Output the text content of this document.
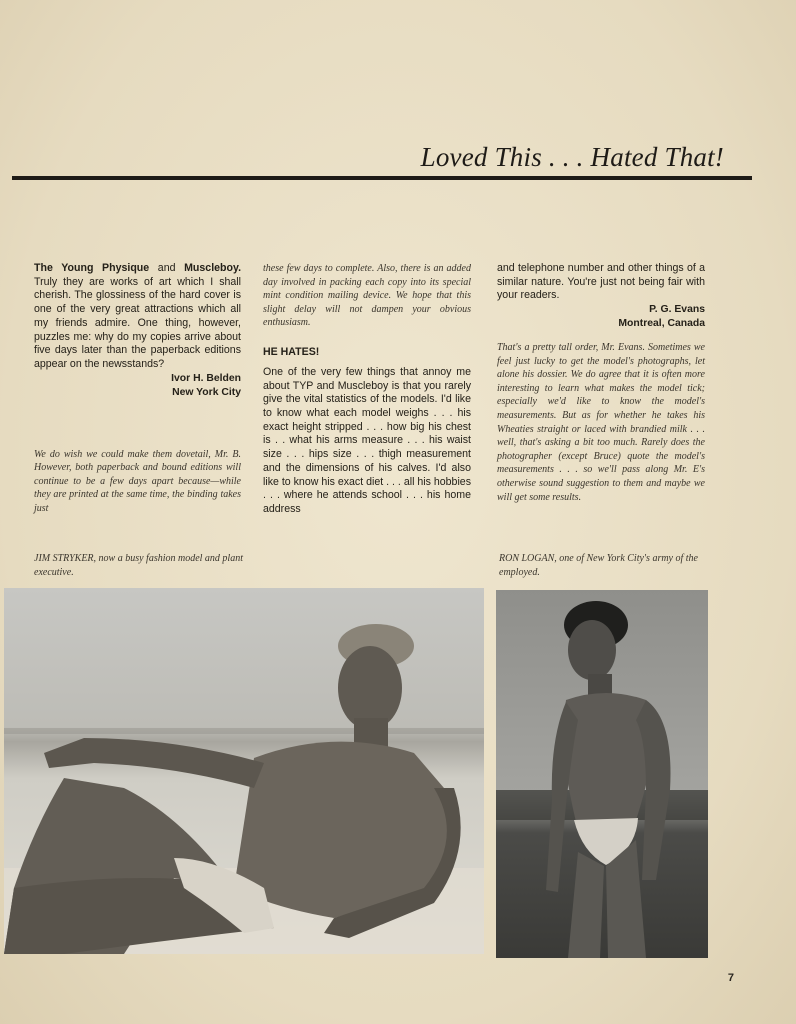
Loved This . . . Hated That!

The Young Physique and Muscleboy. Truly they are works of art which I shall cherish. The glossiness of the hard cover is one of the very great attractions which all my friends admire. One thing, however, puzzles me: why do my copies arrive about five days later than the paperback editions appear on the newsstands?

Ivor H. Belden

New York City

We do wish we could make them dovetail, Mr. B. However, both paperback and bound editions will continue to be a few days apart because—while they are printed at the same time, the binding takes just

these few days to complete. Also, there is an added day involved in packing each copy into its special mint condition mailing device. We hope that this slight delay will not dampen your obvious enthusiasm.

HE HATES!

One of the very few things that annoy me about TYP and Muscleboy is that you rarely give the vital statistics of the models. I'd like to know what each model weighs . . . his exact height stripped . . . how big his chest is . . what his arms measure . . . his waist size . . . hips size . . . thigh measurement and the dimensions of his calves. I'd also like to know his exact diet . . . all his hobbies . . . where he attends school . . . his home address

and telephone number and other things of a similar nature. You're just not being fair with your readers.

P. G. Evans

Montreal, Canada

That's a pretty tall order, Mr. Evans. Sometimes we feel just lucky to get the model's photographs, let alone his dossier. We do agree that it is often more interesting to learn what makes the model tick; especially we'd like to know the model's measurements. But as for whether he takes his Wheaties straight or laced with brandied milk . . . well, that's asking a bit too much. Rarely does the photographer (except Bruce) quote the model's measurements . . . so we'll pass along Mr. E's otherwise sound suggestion to them and maybe we will get some results.

JIM STRYKER, now a busy fashion model and plant executive.

RON LOGAN, one of New York City's army of the employed.

7
